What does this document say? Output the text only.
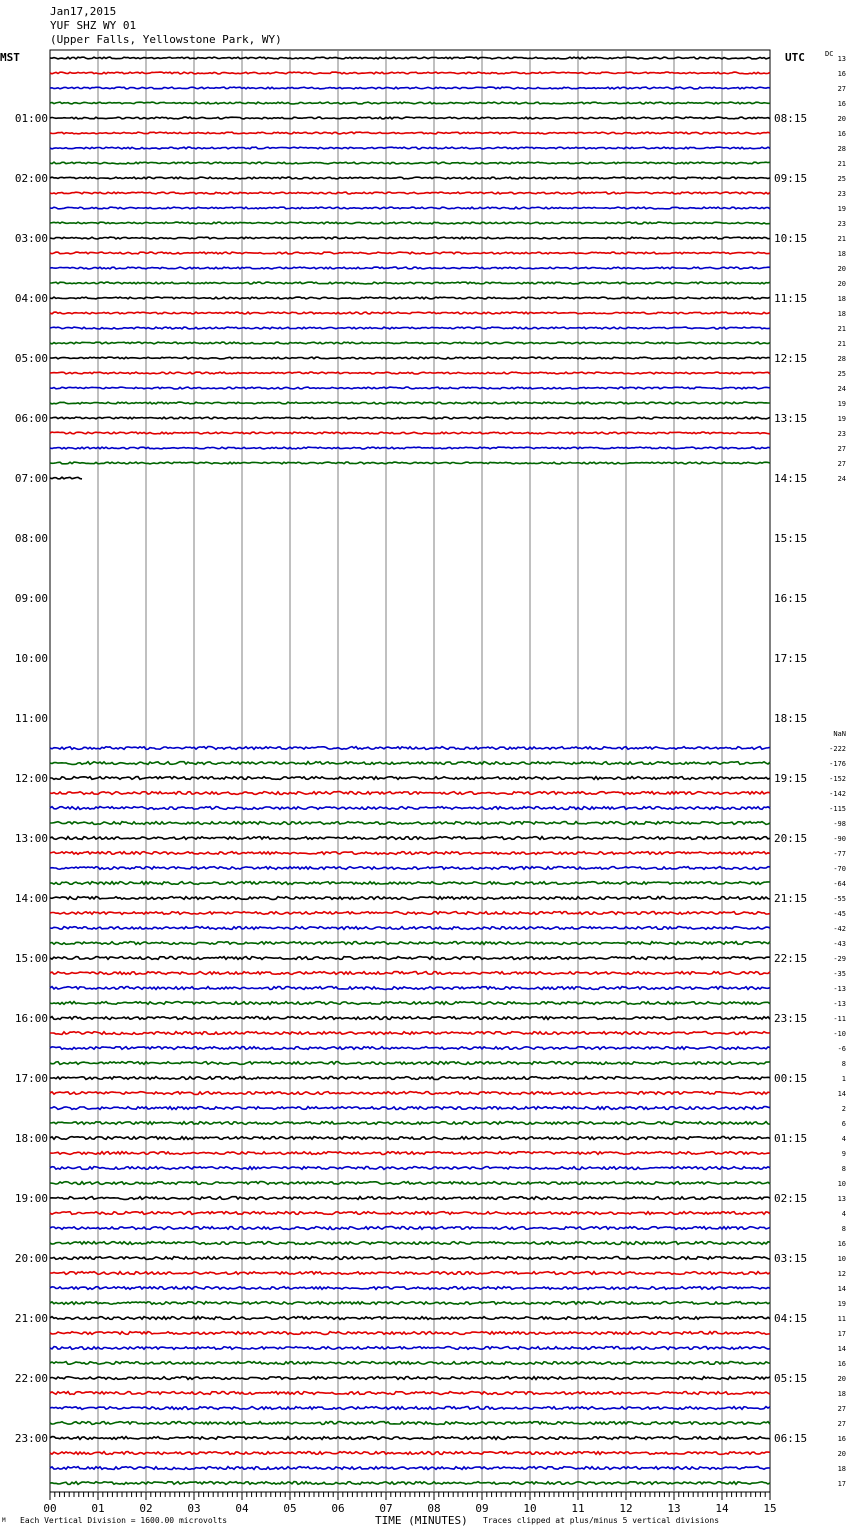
Jan17,2015
YUF SHZ WY 01
(Upper Falls, Yellowstone Park, WY)
MST	UTC
01:00
02:00
03:00
04:00
05:00
06:00
07:00
08:00
09:00
10:00
11:00
12:00
13:00
14:00
15:00
16:00
17:00
18:00
19:00
20:00
21:00
22:00
23:00
08:15
09:15
10:15
11:15
12:15
13:15
14:15
15:15
16:15
17:15
18:15
19:15
20:15
21:15
22:15
23:15
00:15
01:15
02:15
03:15
04:15
05:15
06:15
DC
NaN
13
16
27
16
20
16
28
21
25
23
19
23
21
18
20
20
18
18
21
21
28
25
24
19
19
23
27
27
24
-222
-176
-152
-142
-115
-98
-90
-77
-70
-64
-55
-45
-42
-43
-29
-35
-13
-13
-11
-10
-6
8
1
14
2
6
4
9
8
10
13
4
8
16
10
12
14
19
11
17
14
16
20
18
27
27
16
20
18
17
00	01	02	03	04	05	06	07	08	09	10	11	12	13	14	15
Each Vertical Division = 1600.00 microvolts	TIME (MINUTES) Traces clipped at plus/minus 5 vertical divisions
M
